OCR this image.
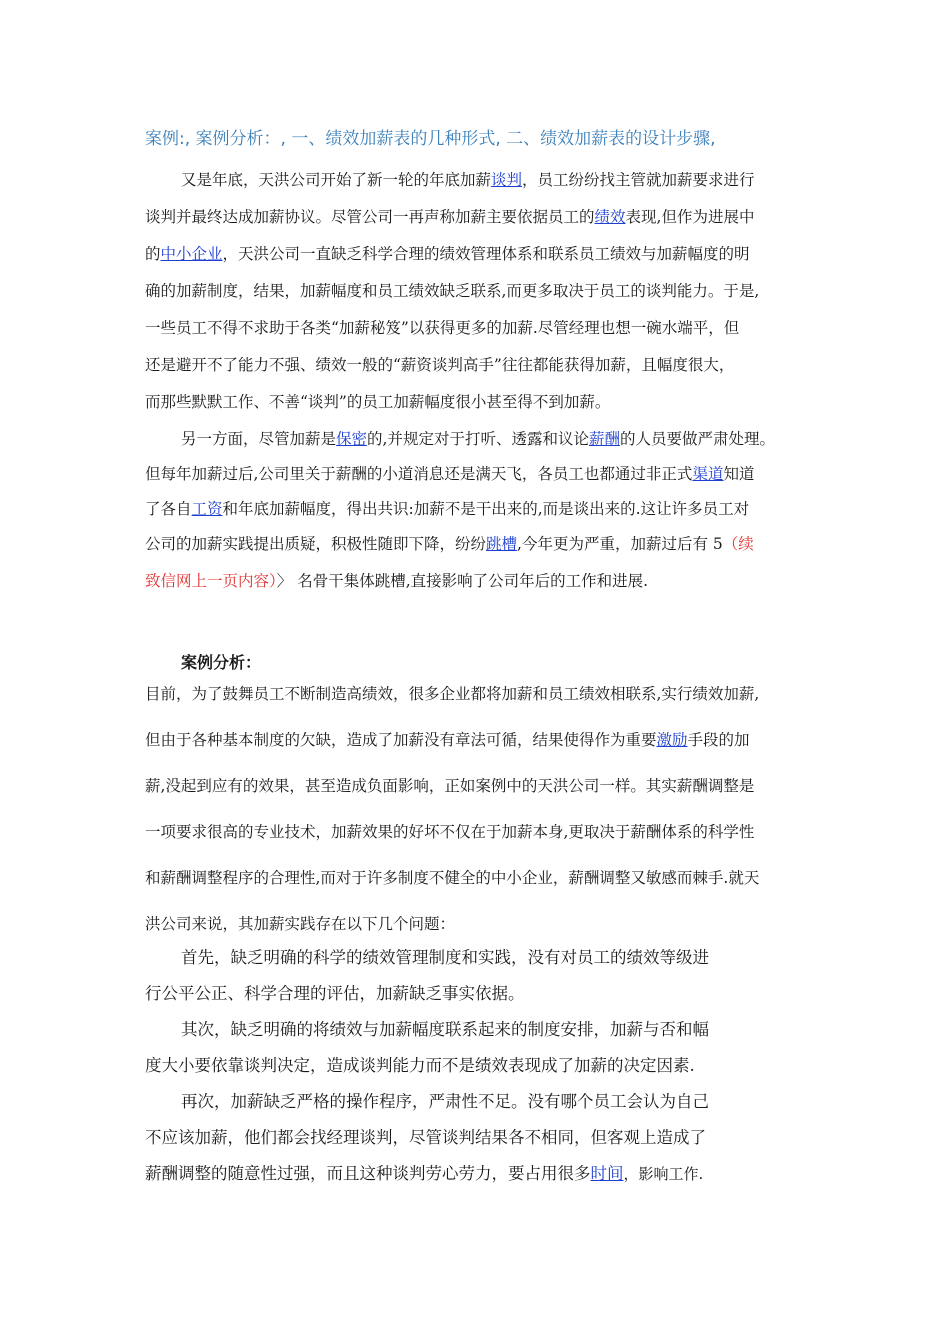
案例:, 案例分析：, 一、绩效加薪表的几种形式, 二、绩效加薪表的设计步骤,
又是年底，天洪公司开始了新一轮的年底加薪谈判，员工纷纷找主管就加薪要求进行
谈判并最终达成加薪协议。尽管公司一再声称加薪主要依据员工的绩效表现,但作为进展中
的中小企业，天洪公司一直缺乏科学合理的绩效管理体系和联系员工绩效与加薪幅度的明
确的加薪制度，结果，加薪幅度和员工绩效缺乏联系,而更多取决于员工的谈判能力。于是,
一些员工不得不求助于各类“加薪秘笈”以获得更多的加薪.尽管经理也想一碗水端平，但
还是避开不了能力不强、绩效一般的“薪资谈判高手”往往都能获得加薪，且幅度很大，
而那些默默工作、不善“谈判”的员工加薪幅度很小甚至得不到加薪。
另一方面，尽管加薪是保密的,并规定对于打听、透露和议论薪酬的人员要做严肃处理。
但每年加薪过后,公司里关于薪酬的小道消息还是满天飞，各员工也都通过非正式渠道知道
了各自工资和年底加薪幅度，得出共识:加薪不是干出来的,而是谈出来的.这让许多员工对
公司的加薪实践提出质疑，积极性随即下降，纷纷跳槽,今年更为严重，加薪过后有 5（续
致信网上一页内容）〉 名骨干集体跳槽,直接影响了公司年后的工作和进展.
案例分析：
目前，为了鼓舞员工不断制造高绩效，很多企业都将加薪和员工绩效相联系,实行绩效加薪,
但由于各种基本制度的欠缺，造成了加薪没有章法可循，结果使得作为重要激励手段的加
薪,没起到应有的效果，甚至造成负面影响，正如案例中的天洪公司一样。其实薪酬调整是
一项要求很高的专业技术，加薪效果的好坏不仅在于加薪本身,更取决于薪酬体系的科学性
和薪酬调整程序的合理性,而对于许多制度不健全的中小企业，薪酬调整又敏感而棘手.就天
洪公司来说，其加薪实践存在以下几个问题：
首先，缺乏明确的科学的绩效管理制度和实践，没有对员工的绩效等级进
行公平公正、科学合理的评估，加薪缺乏事实依据。
其次，缺乏明确的将绩效与加薪幅度联系起来的制度安排，加薪与否和幅
度大小要依靠谈判决定，造成谈判能力而不是绩效表现成了加薪的决定因素.
再次，加薪缺乏严格的操作程序，严肃性不足。没有哪个员工会认为自己
不应该加薪，他们都会找经理谈判，尽管谈判结果各不相同，但客观上造成了
薪酬调整的随意性过强，而且这种谈判劳心劳力，要占用很多时间，影响工作.
